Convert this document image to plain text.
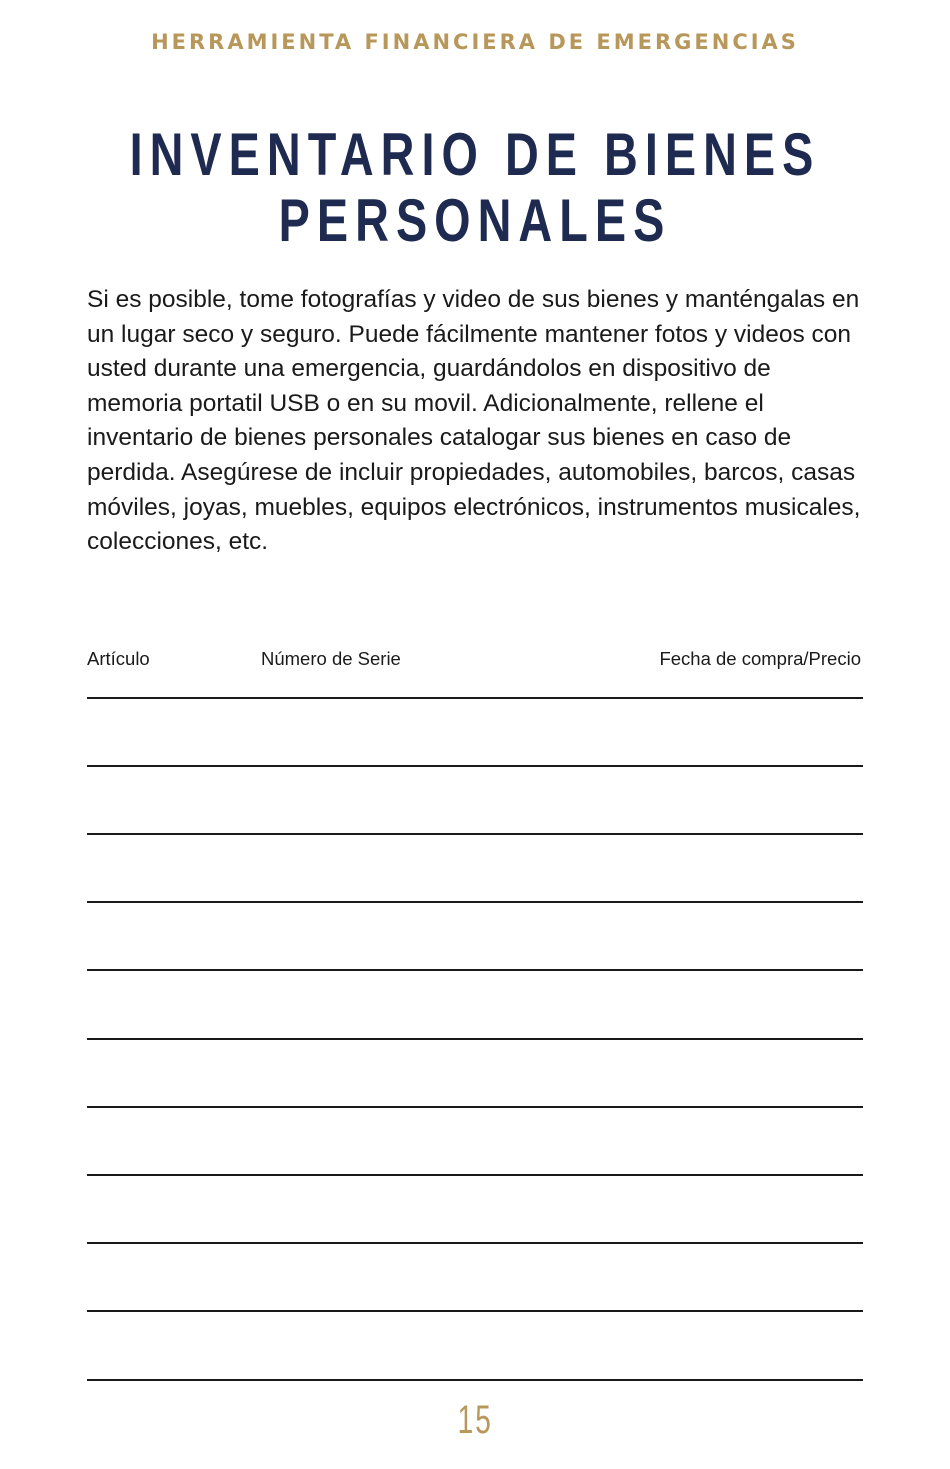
HERRAMIENTA FINANCIERA DE EMERGENCIAS
INVENTARIO DE BIENES
PERSONALES
Si es posible, tome fotografías y video de sus bienes y manténgalas en un lugar seco y seguro. Puede fácilmente mantener fotos y videos con usted durante una emergencia, guardándolos en dispositivo de memoria portatil USB o en su movil. Adicionalmente, rellene el inventario de bienes personales catalogar sus bienes en caso de perdida. Asegúrese de incluir propiedades, automobiles, barcos, casas móviles, joyas, muebles, equipos electrónicos, instrumentos musicales, colecciones, etc.
Artículo	Número de Serie	Fecha de compra/Precio
15
